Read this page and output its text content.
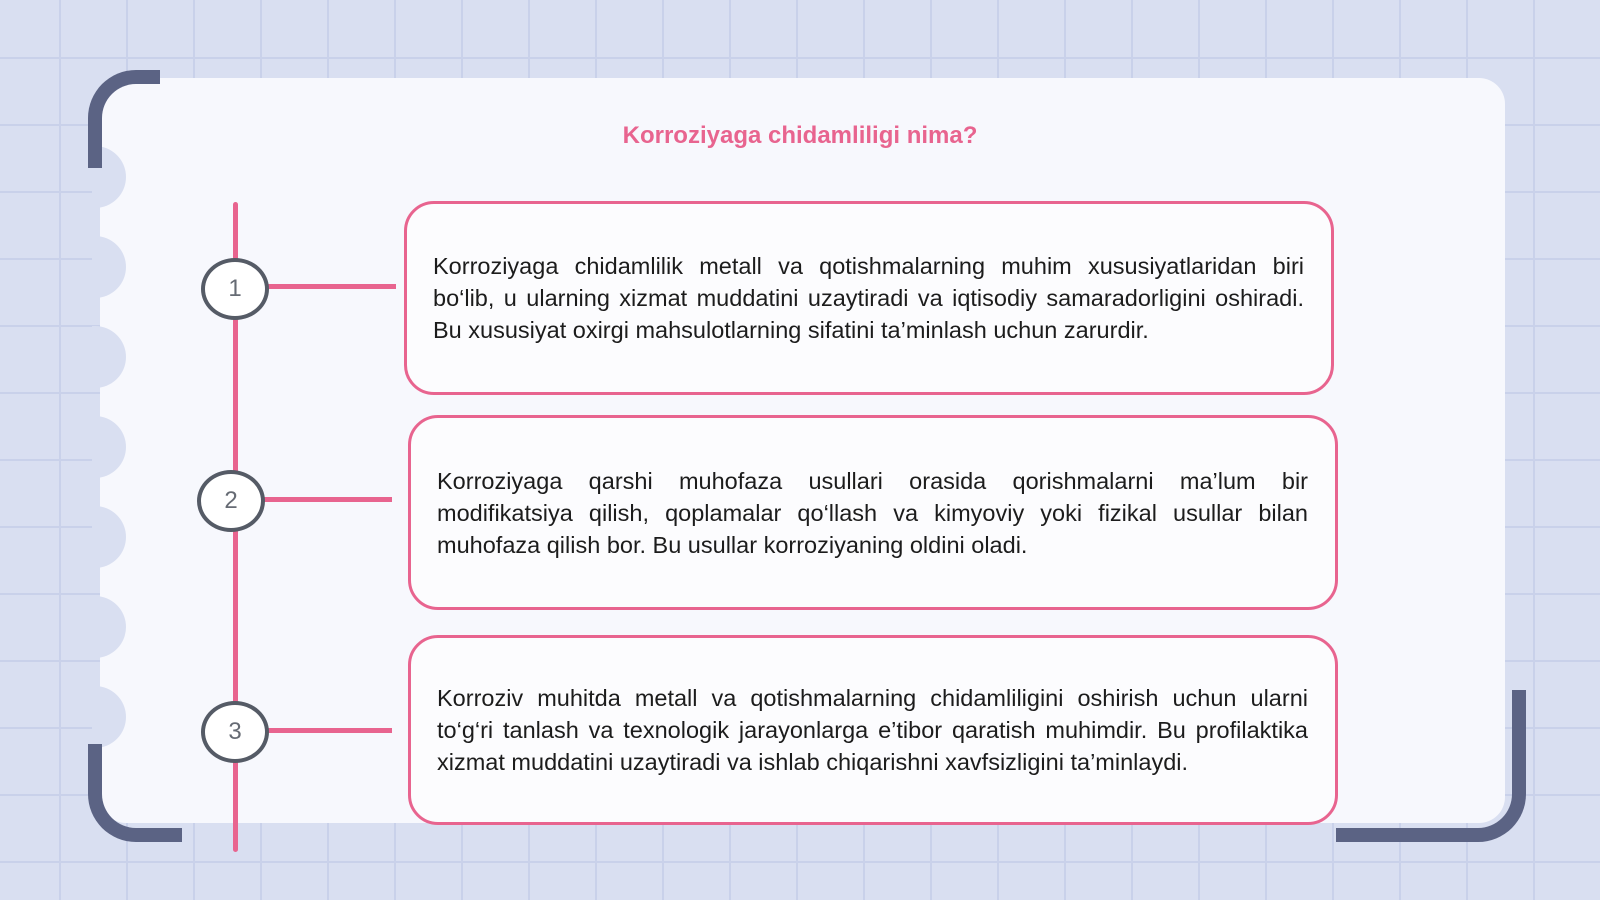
Korroziyaga chidamliligi nima?
1
2
3

Korroziyaga chidamlilik metall va qotishmalarning muhim xususiyatlaridan biri bo‘lib, u ularning xizmat muddatini uzaytiradi va iqtisodiy samaradorligini oshiradi. Bu xususiyat oxirgi mahsulotlarning sifatini ta’minlash uchun zarurdir.

Korroziyaga qarshi muhofaza usullari orasida qorishmalarni ma’lum bir modifikatsiya qilish, qoplamalar qo‘llash va kimyoviy yoki fizikal usullar bilan muhofaza qilish bor. Bu usullar korroziyaning oldini oladi.

Korroziv muhitda metall va qotishmalarning chidamliligini oshirish uchun ularni to‘g‘ri tanlash va texnologik jarayonlarga e’tibor qaratish muhimdir. Bu profilaktika xizmat muddatini uzaytiradi va ishlab chiqarishni xavfsizligini ta’minlaydi.
